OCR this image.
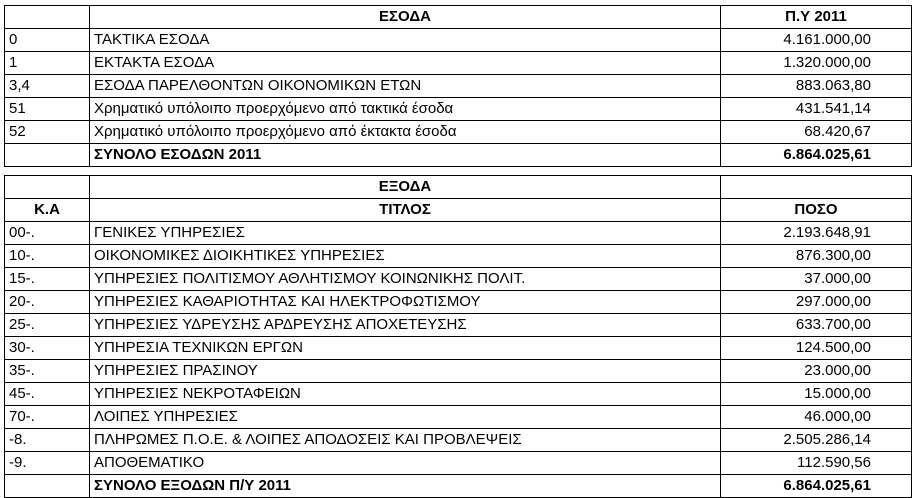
	ΕΣΟΔΑ	Π.Υ 2011
0	ΤΑΚΤΙΚΑ ΕΣΟΔΑ	4.161.000,00
1	ΕΚΤΑΚΤΑ ΕΣΟΔΑ	1.320.000,00
3,4	ΕΣΟΔΑ ΠΑΡΕΛΘΟΝΤΩΝ ΟΙΚΟΝΟΜΙΚΩΝ ΕΤΩΝ	883.063,80
51	Χρηματικό υπόλοιπο προερχόμενο από τακτικά έσοδα	431.541,14
52	Χρηματικό υπόλοιπο προερχόμενο από έκτακτα έσοδα	68.420,67
	ΣΥΝΟΛΟ ΕΣΟΔΩΝ 2011	6.864.025,61
	ΕΞΟΔΑ	
Κ.Α	ΤΙΤΛΟΣ	ΠΟΣΟ
00-.	ΓΕΝΙΚΕΣ ΥΠΗΡΕΣΙΕΣ	2.193.648,91
10-.	ΟΙΚΟΝΟΜΙΚΕΣ ΔΙΟΙΚΗΤΙΚΕΣ ΥΠΗΡΕΣΙΕΣ	876.300,00
15-.	ΥΠΗΡΕΣΙΕΣ ΠΟΛΙΤΙΣΜΟΥ ΑΘΛΗΤΙΣΜΟΥ ΚΟΙΝΩΝΙΚΗΣ ΠΟΛΙΤ.	37.000,00
20-.	ΥΠΗΡΕΣΙΕΣ ΚΑΘΑΡΙΟΤΗΤΑΣ ΚΑΙ ΗΛΕΚΤΡΟΦΩΤΙΣΜΟΥ	297.000,00
25-.	ΥΠΗΡΕΣΙΕΣ ΥΔΡΕΥΣΗΣ ΑΡΔΡΕΥΣΗΣ ΑΠΟΧΕΤΕΥΣΗΣ	633.700,00
30-.	ΥΠΗΡΕΣΙΑ ΤΕΧΝΙΚΩΝ ΕΡΓΩΝ	124.500,00
35-.	ΥΠΗΡΕΣΙΕΣ ΠΡΑΣΙΝΟΥ	23.000,00
45-.	ΥΠΗΡΕΣΙΕΣ ΝΕΚΡΟΤΑΦΕΙΩΝ	15.000,00
70-.	ΛΟΙΠΕΣ ΥΠΗΡΕΣΙΕΣ	46.000,00
-8.	ΠΛΗΡΩΜΕΣ Π.Ο.Ε. & ΛΟΙΠΕΣ ΑΠΟΔΟΣΕΙΣ ΚΑΙ ΠΡΟΒΛΕΨΕΙΣ	2.505.286,14
-9.	ΑΠΟΘΕΜΑΤΙΚΟ	112.590,56
	ΣΥΝΟΛΟ ΕΞΟΔΩΝ Π/Υ 2011	6.864.025,61
